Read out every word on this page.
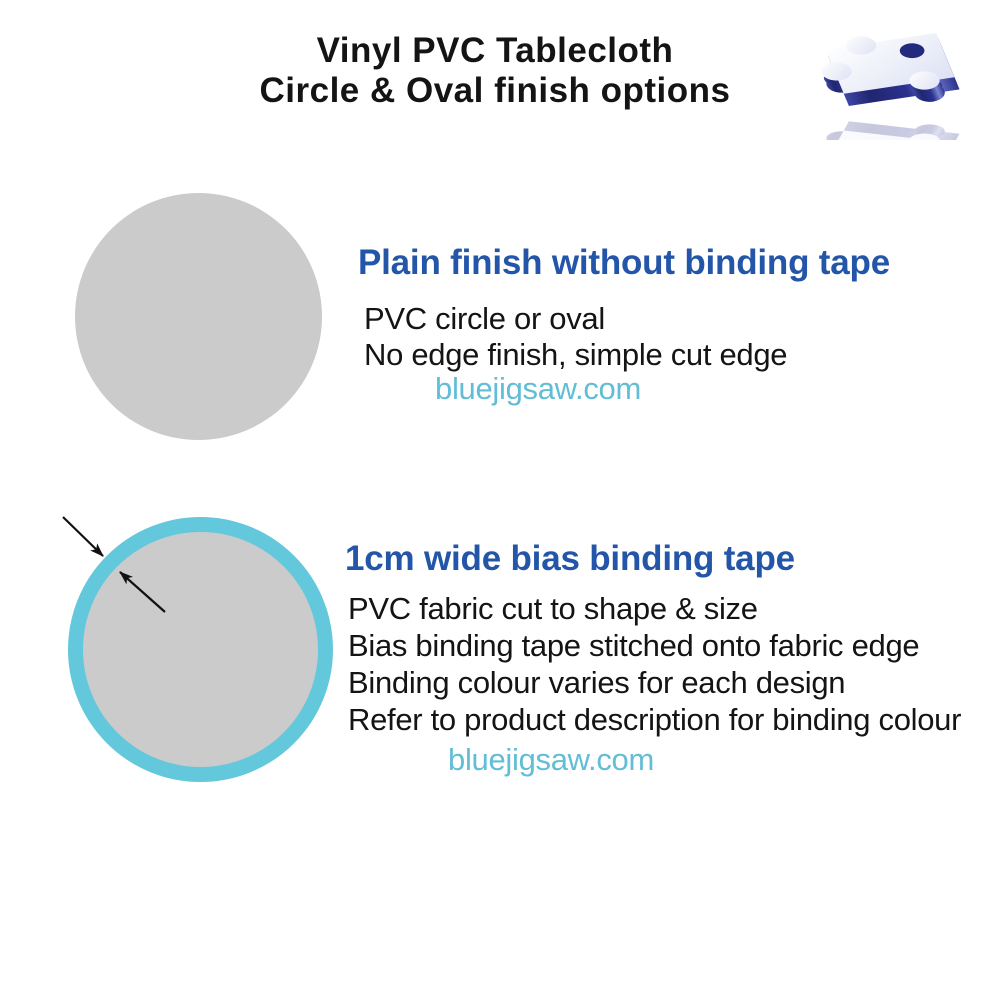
Vinyl PVC Tablecloth
Circle & Oval finish options
Plain finish without binding tape
PVC circle or oval
No edge finish, simple cut edge
bluejigsaw.com
1cm wide bias binding tape
PVC fabric cut to shape & size
Bias binding tape stitched onto fabric edge
Binding colour varies for each design
Refer to product description for binding colour
bluejigsaw.com
